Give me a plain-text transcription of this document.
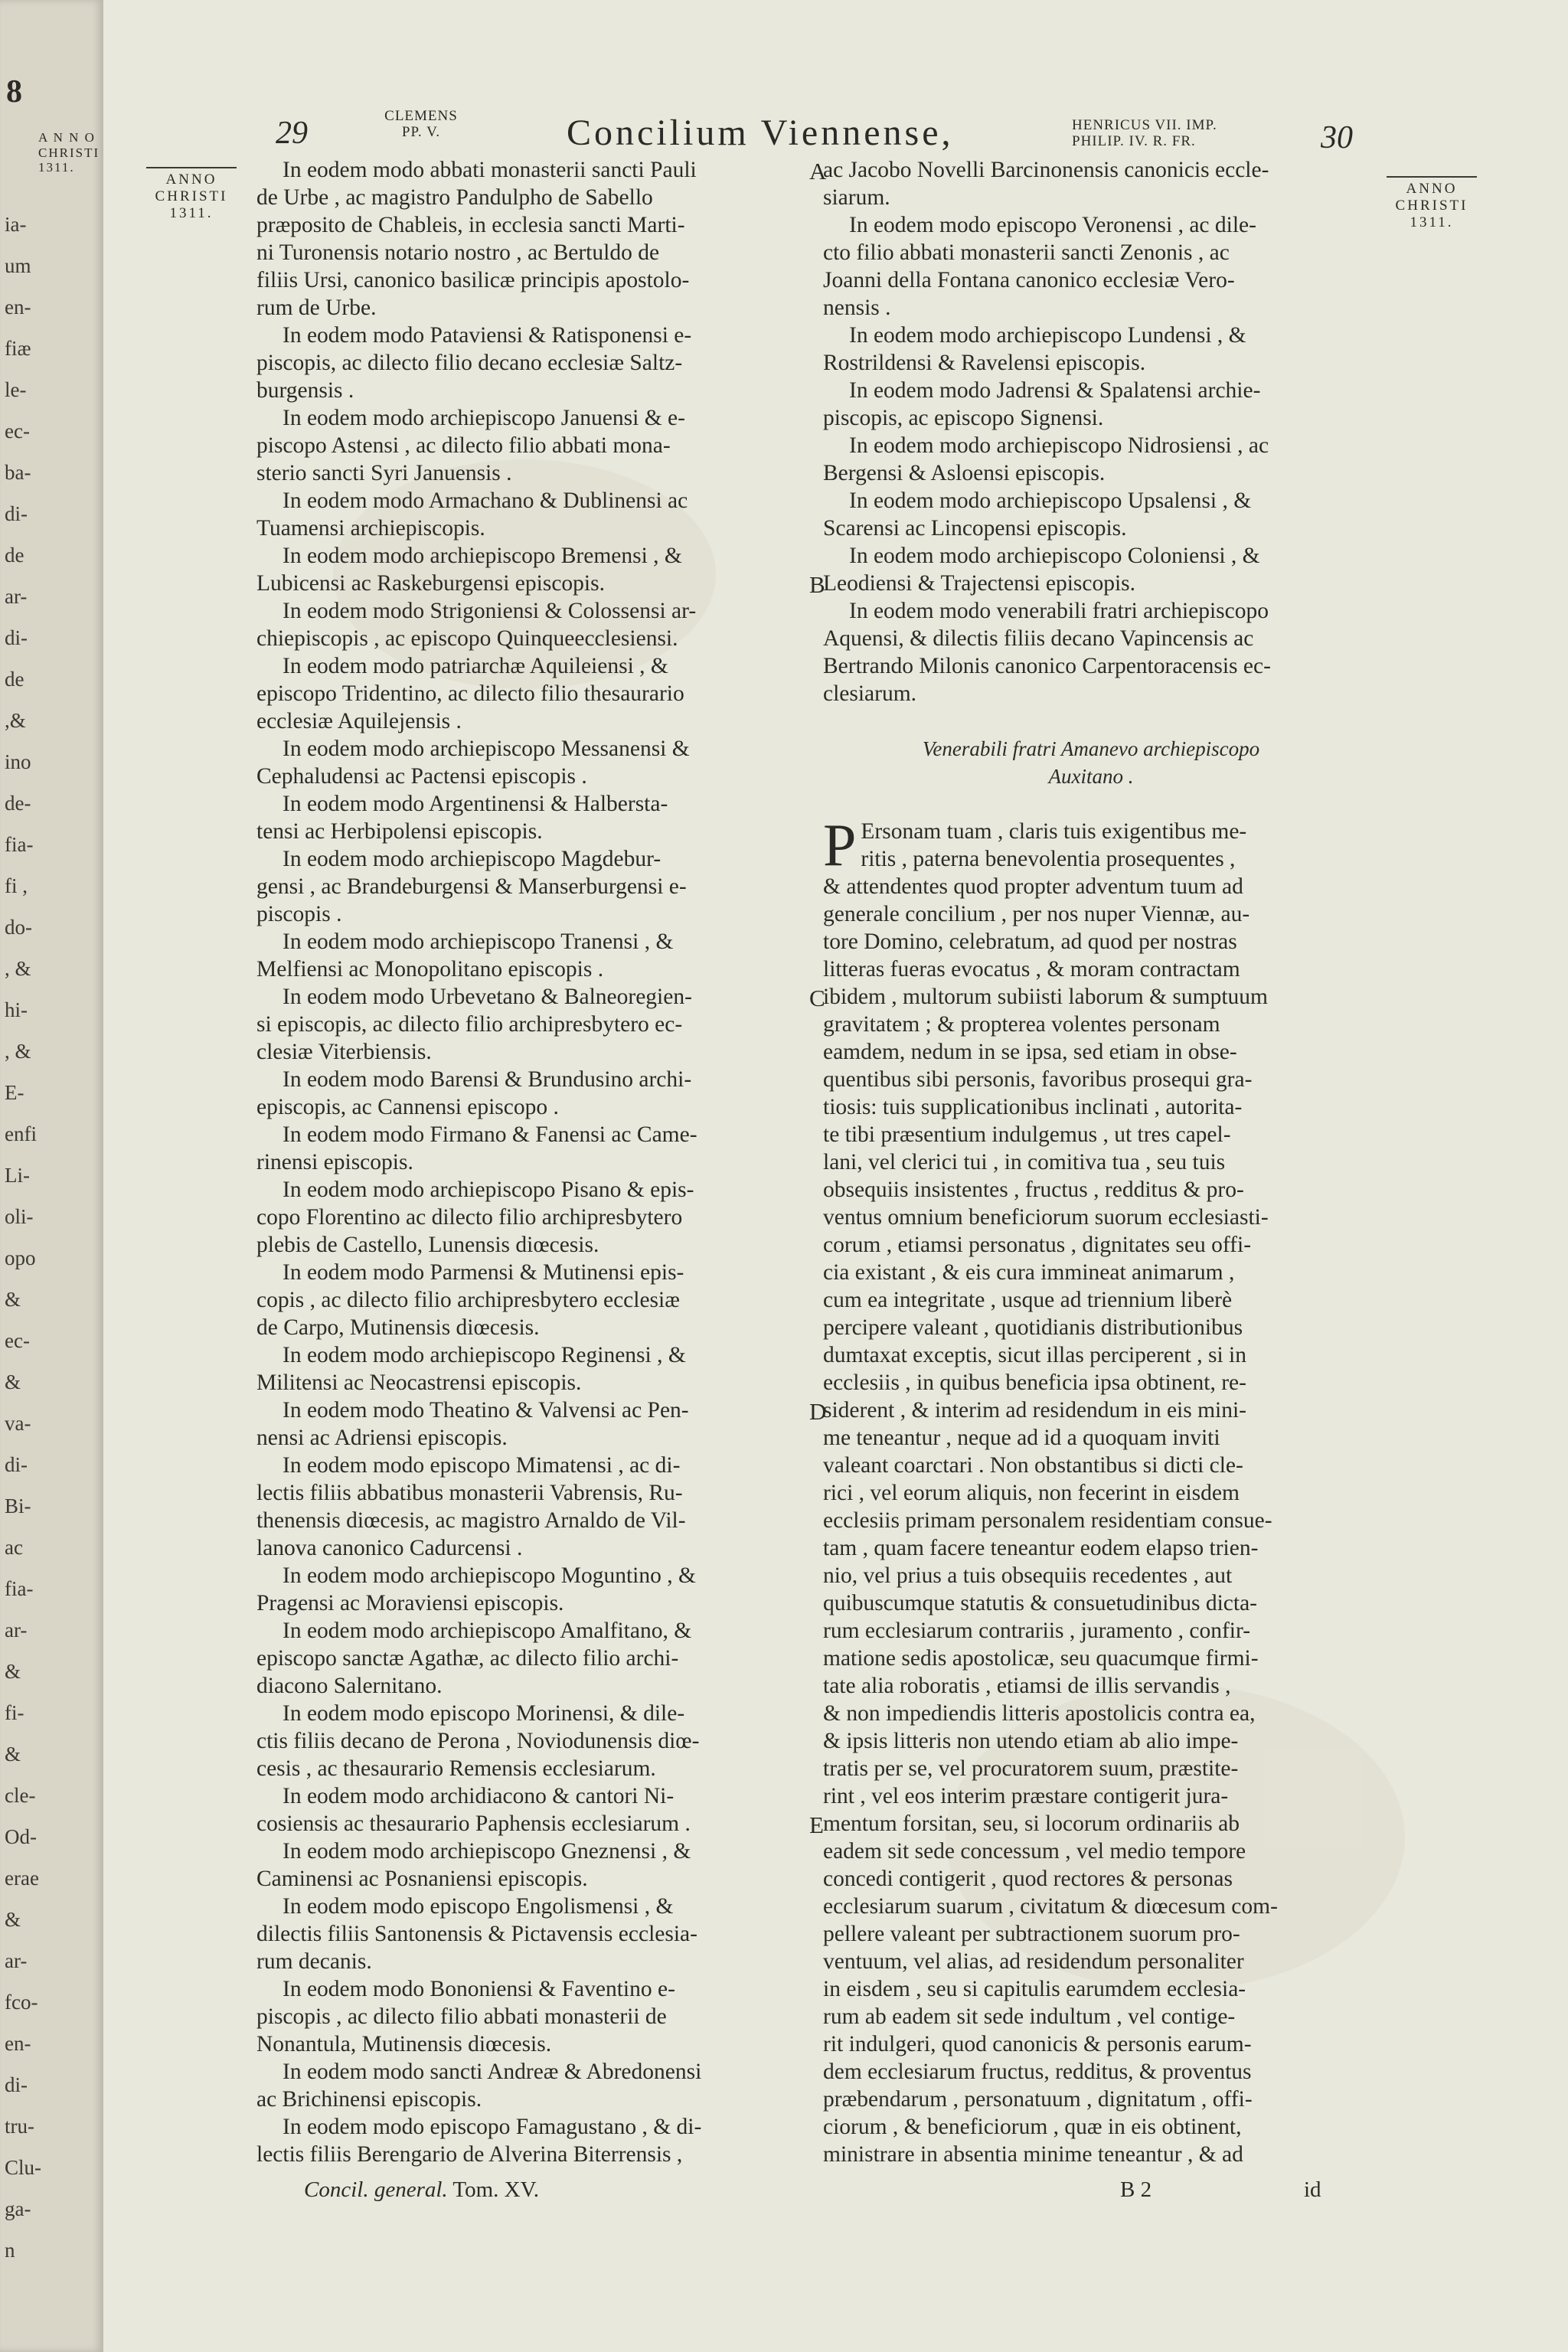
8
A N N O CHRISTI 1311.
ia-
um
en-
fiæ
le-
ec-
ba-
di-
de
ar-
di-
de
,&
ino
de-
fia-
fi ,
do-
, &
hi-
, &
E-
enfi
Li-
oli-
opo
&
ec-
&
va-
di-
Bi-
ac
fia-
ar-
&
fi-
&
cle-
Od-
erae
&
ar-
fco-
en-
di-
tru-
Clu-
ga-
n
29	CLEMENS PP. V.	Concilium Viennense,	HENRICUS VII. IMP. PHILIP. IV. R. FR.	30
ANNO CHRISTI 1311.
ANNO CHRISTI 1311.
A
B
C
D
E

In eodem modo abbati monasterii sancti Pauli

de Urbe , ac magistro Pandulpho de Sabello

præposito de Chableis, in ecclesia sancti Marti-

ni Turonensis notario nostro , ac Bertuldo de

filiis Ursi, canonico basilicæ principis apostolo-

rum de Urbe.

In eodem modo Pataviensi & Ratisponensi e-

piscopis, ac dilecto filio decano ecclesiæ Saltz-

burgensis .

In eodem modo archiepiscopo Januensi & e-

piscopo Astensi , ac dilecto filio abbati mona-

sterio sancti Syri Januensis .

In eodem modo Armachano & Dublinensi ac

Tuamensi archiepiscopis.

In eodem modo archiepiscopo Bremensi , &

Lubicensi ac Raskeburgensi episcopis.

In eodem modo Strigoniensi & Colossensi ar-

chiepiscopis , ac episcopo Quinqueecclesiensi.

In eodem modo patriarchæ Aquileiensi , &

episcopo Tridentino, ac dilecto filio thesaurario

ecclesiæ Aquilejensis .

In eodem modo archiepiscopo Messanensi &

Cephaludensi ac Pactensi episcopis .

In eodem modo Argentinensi & Halbersta-

tensi ac Herbipolensi episcopis.

In eodem modo archiepiscopo Magdebur-

gensi , ac Brandeburgensi & Manserburgensi e-

piscopis .

In eodem modo archiepiscopo Tranensi , &

Melfiensi ac Monopolitano episcopis .

In eodem modo Urbevetano & Balneoregien-

si episcopis, ac dilecto filio archipresbytero ec-

clesiæ Viterbiensis.

In eodem modo Barensi & Brundusino archi-

episcopis, ac Cannensi episcopo .

In eodem modo Firmano & Fanensi ac Came-

rinensi episcopis.

In eodem modo archiepiscopo Pisano & epis-

copo Florentino ac dilecto filio archipresbytero

plebis de Castello, Lunensis diœcesis.

In eodem modo Parmensi & Mutinensi epis-

copis , ac dilecto filio archipresbytero ecclesiæ

de Carpo, Mutinensis diœcesis.

In eodem modo archiepiscopo Reginensi , &

Militensi ac Neocastrensi episcopis.

In eodem modo Theatino & Valvensi ac Pen-

nensi ac Adriensi episcopis.

In eodem modo episcopo Mimatensi , ac di-

lectis filiis abbatibus monasterii Vabrensis, Ru-

thenensis diœcesis, ac magistro Arnaldo de Vil-

lanova canonico Cadurcensi .

In eodem modo archiepiscopo Moguntino , &

Pragensi ac Moraviensi episcopis.

In eodem modo archiepiscopo Amalfitano, &

episcopo sanctæ Agathæ, ac dilecto filio archi-

diacono Salernitano.

In eodem modo episcopo Morinensi, & dile-

ctis filiis decano de Perona , Noviodunensis diœ-

cesis , ac thesaurario Remensis ecclesiarum.

In eodem modo archidiacono & cantori Ni-

cosiensis ac thesaurario Paphensis ecclesiarum .

In eodem modo archiepiscopo Gneznensi , &

Caminensi ac Posnaniensi episcopis.

In eodem modo episcopo Engolismensi , &

dilectis filiis Santonensis & Pictavensis ecclesia-

rum decanis.

In eodem modo Bononiensi & Faventino e-

piscopis , ac dilecto filio abbati monasterii de

Nonantula, Mutinensis diœcesis.

In eodem modo sancti Andreæ & Abredonensi

ac Brichinensi episcopis.

In eodem modo episcopo Famagustano , & di-

lectis filiis Berengario de Alverina Biterrensis ,

ac Jacobo Novelli Barcinonensis canonicis eccle-

siarum.

In eodem modo episcopo Veronensi , ac dile-

cto filio abbati monasterii sancti Zenonis , ac

Joanni della Fontana canonico ecclesiæ Vero-

nensis .

In eodem modo archiepiscopo Lundensi , &

Rostrildensi & Ravelensi episcopis.

In eodem modo Jadrensi & Spalatensi archie-

piscopis, ac episcopo Signensi.

In eodem modo archiepiscopo Nidrosiensi , ac

Bergensi & Asloensi episcopis.

In eodem modo archiepiscopo Upsalensi , &

Scarensi ac Lincopensi episcopis.

In eodem modo archiepiscopo Coloniensi , &

Leodiensi & Trajectensi episcopis.

In eodem modo venerabili fratri archiepiscopo

Aquensi, & dilectis filiis decano Vapincensis ac

Bertrando Milonis canonico Carpentoracensis ec-

clesiarum.

Venerabili fratri Amanevo archiepiscopo
Auxitano .
P Ersonam tuam , claris tuis exigentibus me-

ritis , paterna benevolentia prosequentes ,

& attendentes quod propter adventum tuum ad

generale concilium , per nos nuper Viennæ, au-

tore Domino, celebratum, ad quod per nostras

litteras fueras evocatus , & moram contractam

ibidem , multorum subiisti laborum & sumptuum

gravitatem ; & propterea volentes personam

eamdem, nedum in se ipsa, sed etiam in obse-

quentibus sibi personis, favoribus prosequi gra-

tiosis: tuis supplicationibus inclinati , autorita-

te tibi præsentium indulgemus , ut tres capel-

lani, vel clerici tui , in comitiva tua , seu tuis

obsequiis insistentes , fructus , redditus & pro-

ventus omnium beneficiorum suorum ecclesiasti-

corum , etiamsi personatus , dignitates seu offi-

cia existant , & eis cura immineat animarum ,

cum ea integritate , usque ad triennium liberè

percipere valeant , quotidianis distributionibus

dumtaxat exceptis, sicut illas perciperent , si in

ecclesiis , in quibus beneficia ipsa obtinent, re-

siderent , & interim ad residendum in eis mini-

me teneantur , neque ad id a quoquam inviti

valeant coarctari . Non obstantibus si dicti cle-

rici , vel eorum aliquis, non fecerint in eisdem

ecclesiis primam personalem residentiam consue-

tam , quam facere teneantur eodem elapso trien-

nio, vel prius a tuis obsequiis recedentes , aut

quibuscumque statutis & consuetudinibus dicta-

rum ecclesiarum contrariis , juramento , confir-

matione sedis apostolicæ, seu quacumque firmi-

tate alia roboratis , etiamsi de illis servandis ,

& non impediendis litteris apostolicis contra ea,

& ipsis litteris non utendo etiam ab alio impe-

tratis per se, vel procuratorem suum, præstite-

rint , vel eos interim præstare contigerit jura-

mentum forsitan, seu, si locorum ordinariis ab

eadem sit sede concessum , vel medio tempore

concedi contigerit , quod rectores & personas

ecclesiarum suarum , civitatum & diœcesum com-

pellere valeant per subtractionem suorum pro-

ventuum, vel alias, ad residendum personaliter

in eisdem , seu si capitulis earumdem ecclesia-

rum ab eadem sit sede indultum , vel contige-

rit indulgeri, quod canonicis & personis earum-

dem ecclesiarum fructus, redditus, & proventus

præbendarum , personatuum , dignitatum , offi-

ciorum , & beneficiorum , quæ in eis obtinent,

ministrare in absentia minime teneantur , & ad

Concil. general. Tom. XV.	B 2	id
